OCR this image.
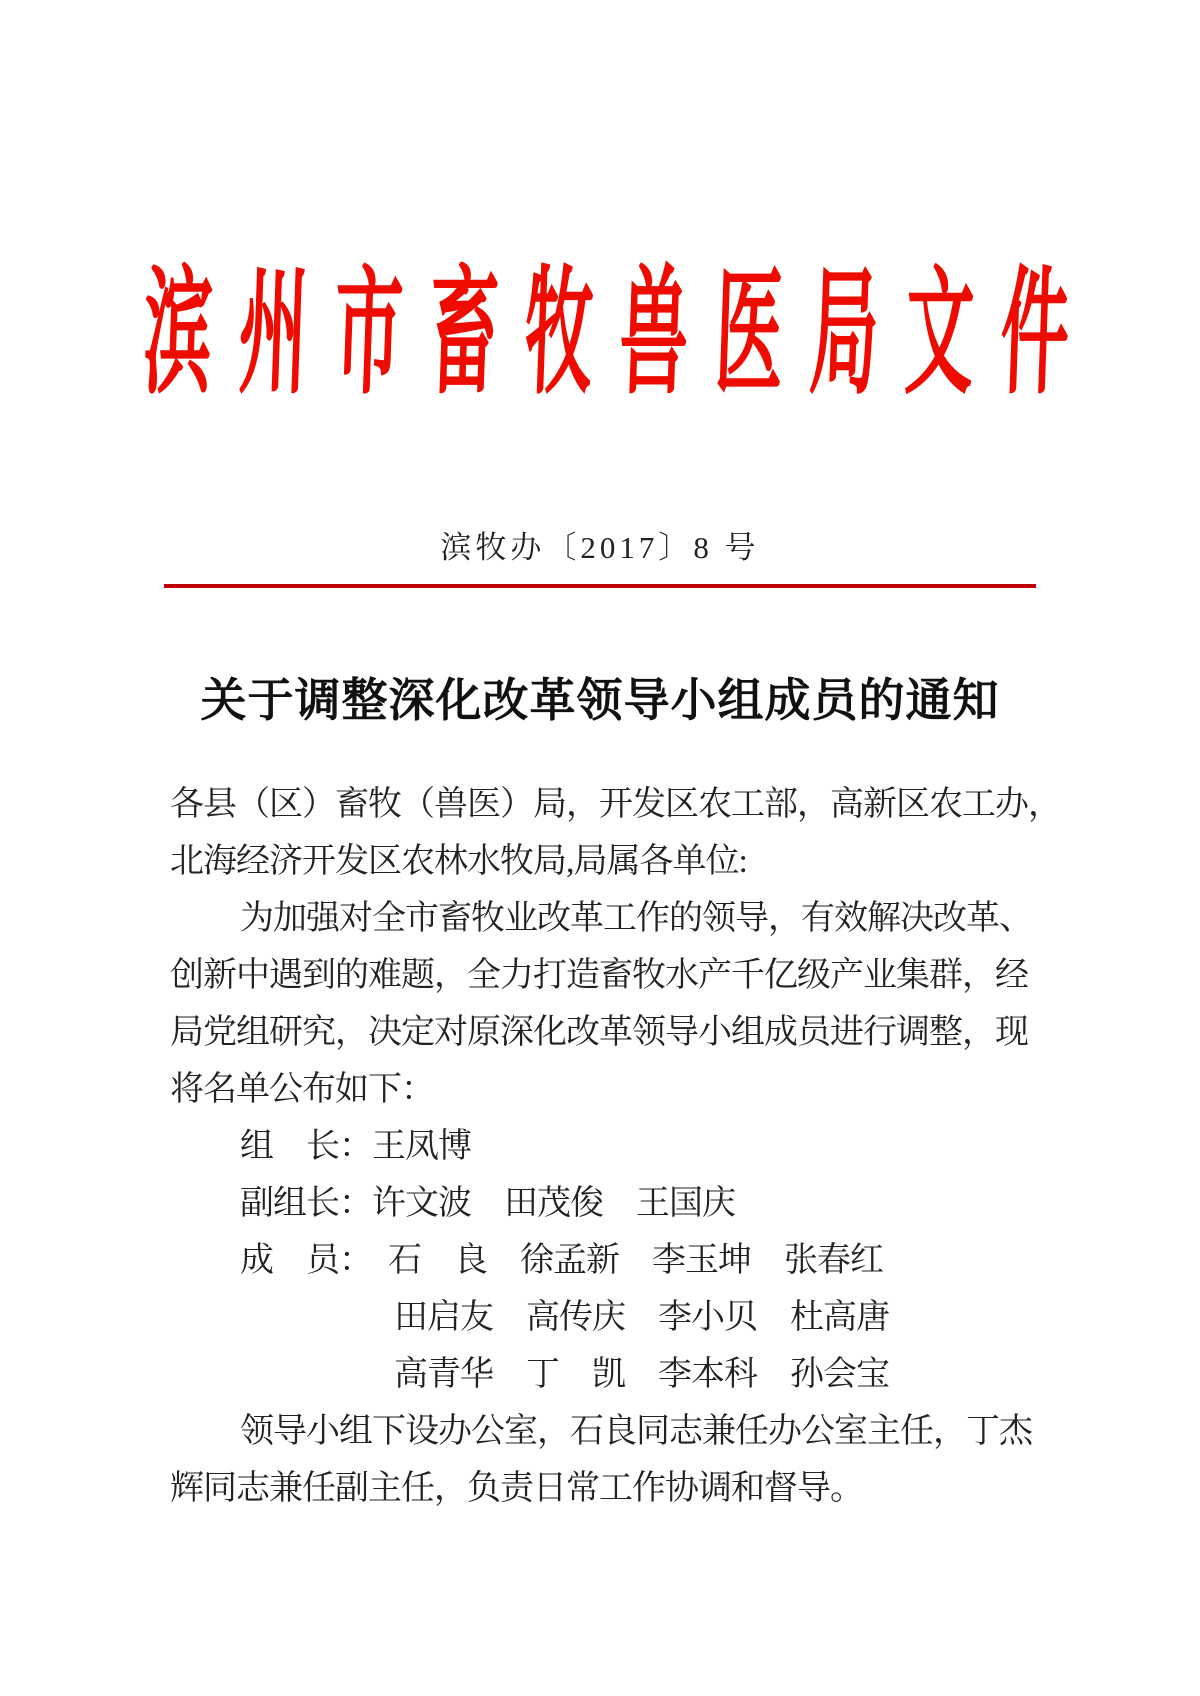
滨州市畜牧兽医局文件
滨牧办〔2017〕8 号
关于调整深化改革领导小组成员的通知
各县（区）畜牧（兽医）局，开发区农工部，高新区农工办，
北海经济开发区农林水牧局,局属各单位:
为加强对全市畜牧业改革工作的领导，有效解决改革、
创新中遇到的难题，全力打造畜牧水产千亿级产业集群，经
局党组研究，决定对原深化改革领导小组成员进行调整，现
将名单公布如下：
组　长：王凤博
副组长：许文波　田茂俊　王国庆
成　员：　石　良　徐孟新　李玉坤　张春红
田启友　高传庆　李小贝　杜高唐
高青华　丁　凯　李本科　孙会宝
领导小组下设办公室，石良同志兼任办公室主任，丁杰
辉同志兼任副主任，负责日常工作协调和督导。
